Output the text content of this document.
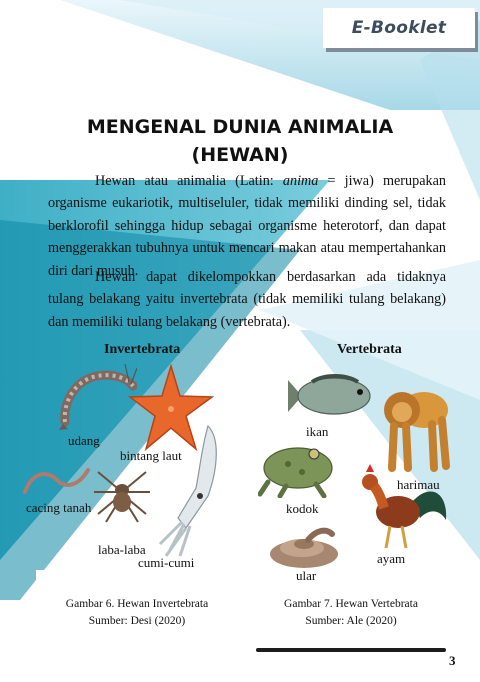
E-Booklet
MENGENAL DUNIA ANIMALIA
(HEWAN)

Hewan atau animalia (Latin: anima = jiwa) merupakan organisme eukariotik, multiseluler, tidak memiliki dinding sel, tidak berklorofil sehingga hidup sebagai organisme heterotorf, dan dapat menggerakkan tubuhnya untuk mencari makan atau mempertahankan diri dari musuh.

Hewan dapat dikelompokkan berdasarkan ada tidaknya tulang belakang yaitu invertebrata (tidak memiliki tulang belakang) dan memiliki tulang belakang (vertebrata).

Invertebrata	Vertebrata
udang
bintang laut
cacing tanah
laba-laba
cumi-cumi
ikan
harimau
kodok
ayam
ular
Gambar 6. Hewan Invertebrata
Sumber: Desi (2020)
Gambar 7. Hewan Vertebrata
Sumber: Ale (2020)
3
